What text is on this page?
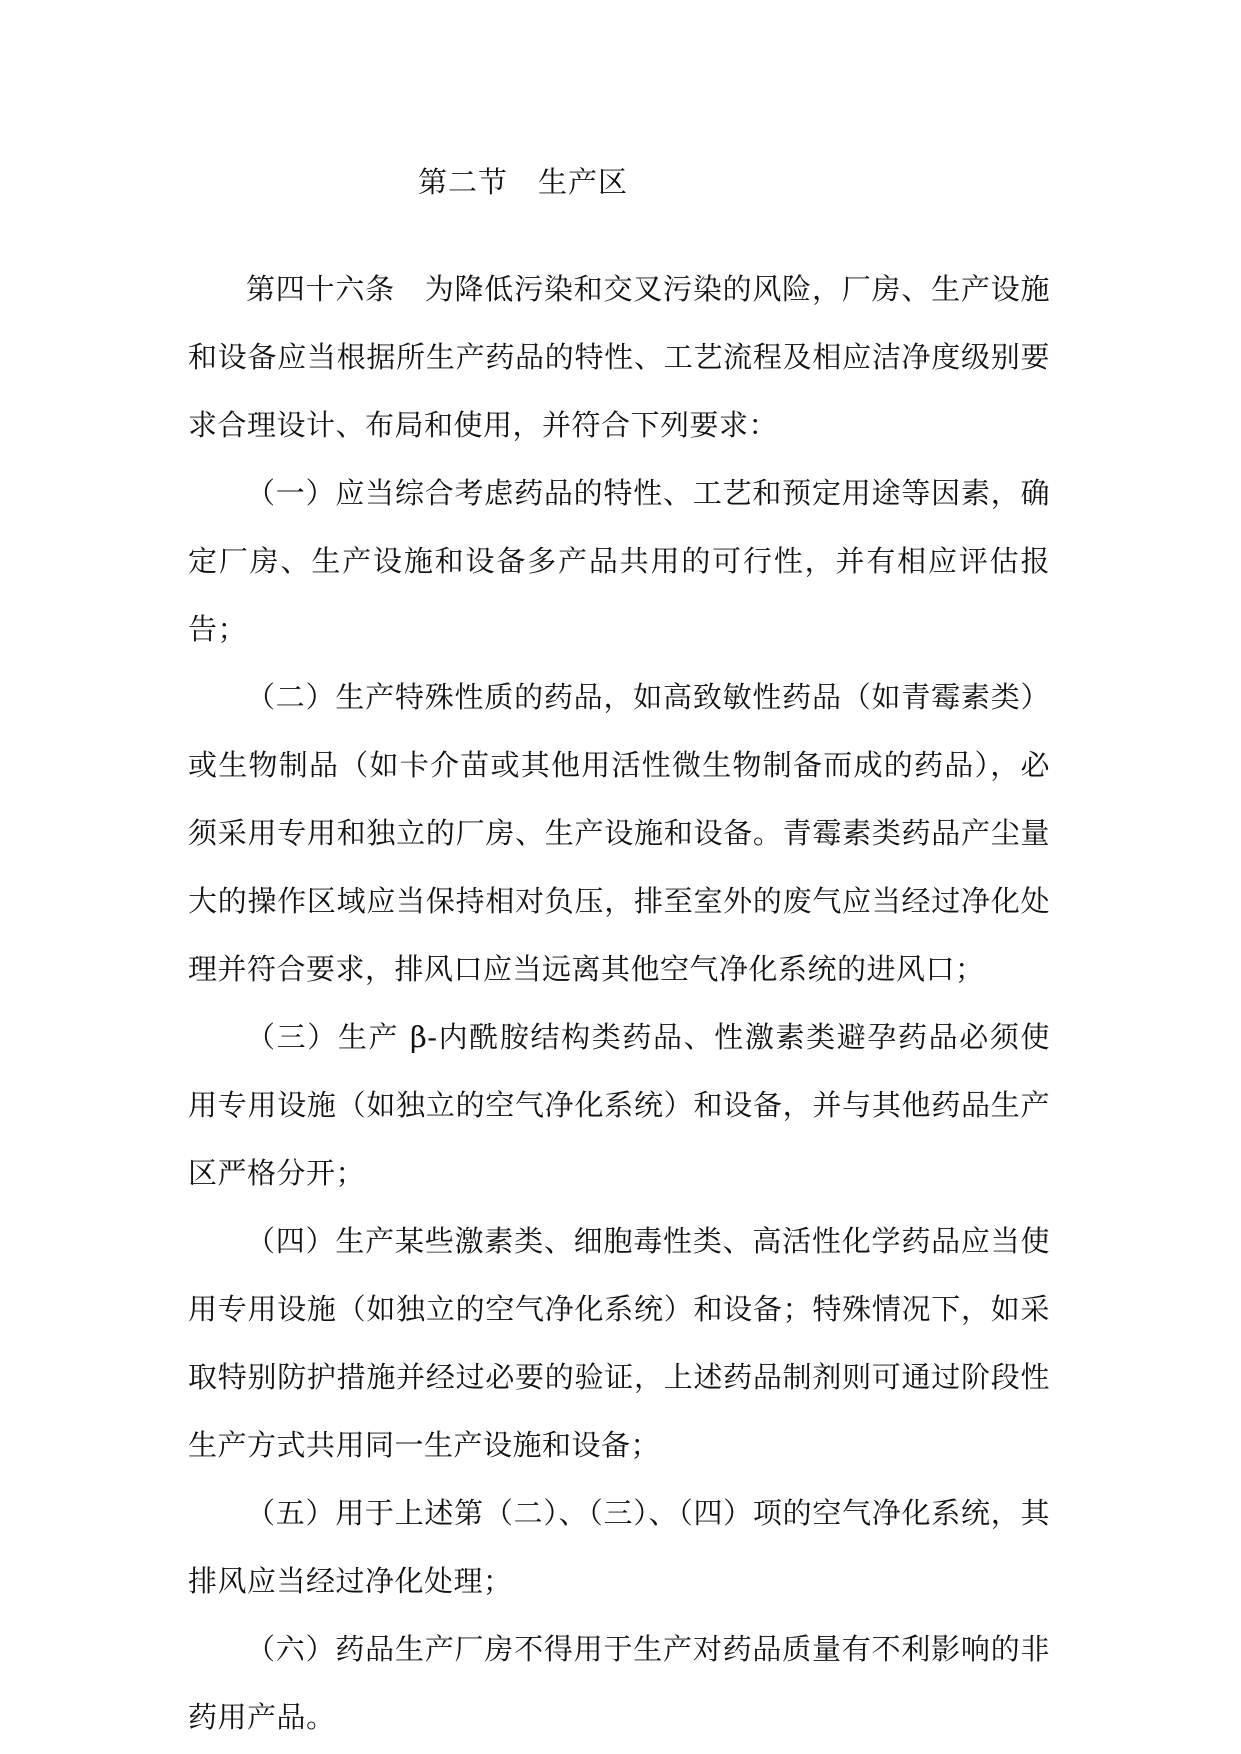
第二节　生产区

第四十六条　为降低污染和交叉污染的风险，厂房、生产设施和设备应当根据所生产药品的特性、工艺流程及相应洁净度级别要求合理设计、布局和使用，并符合下列要求：

（一）应当综合考虑药品的特性、工艺和预定用途等因素，确定厂房、生产设施和设备多产品共用的可行性，并有相应评估报告；

（二）生产特殊性质的药品，如高致敏性药品（如青霉素类）或生物制品（如卡介苗或其他用活性微生物制备而成的药品），必须采用专用和独立的厂房、生产设施和设备。青霉素类药品产尘量大的操作区域应当保持相对负压，排至室外的废气应当经过净化处理并符合要求，排风口应当远离其他空气净化系统的进风口；

（三）生产 β-内酰胺结构类药品、性激素类避孕药品必须使用专用设施（如独立的空气净化系统）和设备，并与其他药品生产区严格分开；

（四）生产某些激素类、细胞毒性类、高活性化学药品应当使用专用设施（如独立的空气净化系统）和设备；特殊情况下，如采取特别防护措施并经过必要的验证，上述药品制剂则可通过阶段性生产方式共用同一生产设施和设备；

（五）用于上述第（二）、（三）、（四）项的空气净化系统，其排风应当经过净化处理；

（六）药品生产厂房不得用于生产对药品质量有不利影响的非药用产品。
